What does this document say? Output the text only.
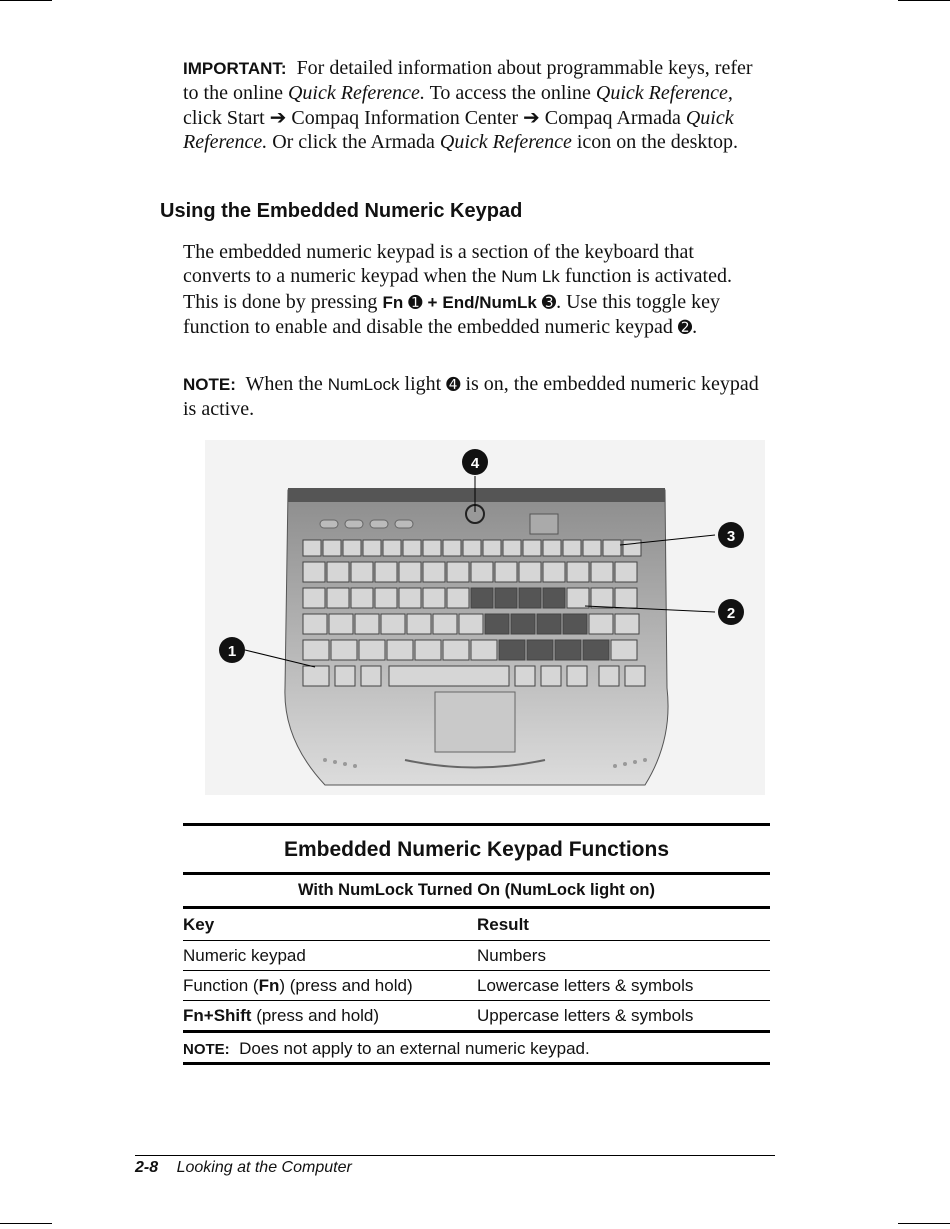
IMPORTANT: For detailed information about programmable keys, refer to the online Quick Reference. To access the online Quick Reference, click Start ➔ Compaq Information Center ➔ Compaq Armada Quick Reference. Or click the Armada Quick Reference icon on the desktop.
Using the Embedded Numeric Keypad
The embedded numeric keypad is a section of the keyboard that converts to a numeric keypad when the Num Lk function is activated. This is done by pressing Fn ➊ + End/NumLk ➌. Use this toggle key function to enable and disable the embedded numeric keypad ➋.
NOTE: When the NumLock light ➍ is on, the embedded numeric keypad is active.
4
1
3
2
Embedded Numeric Keypad Functions
With NumLock Turned On (NumLock light on)
Key	Result
Numeric keypad	Numbers
Function (Fn) (press and hold)	Lowercase letters & symbols
Fn+Shift (press and hold)	Uppercase letters & symbols
NOTE: Does not apply to an external numeric keypad.
2-8 Looking at the Computer
